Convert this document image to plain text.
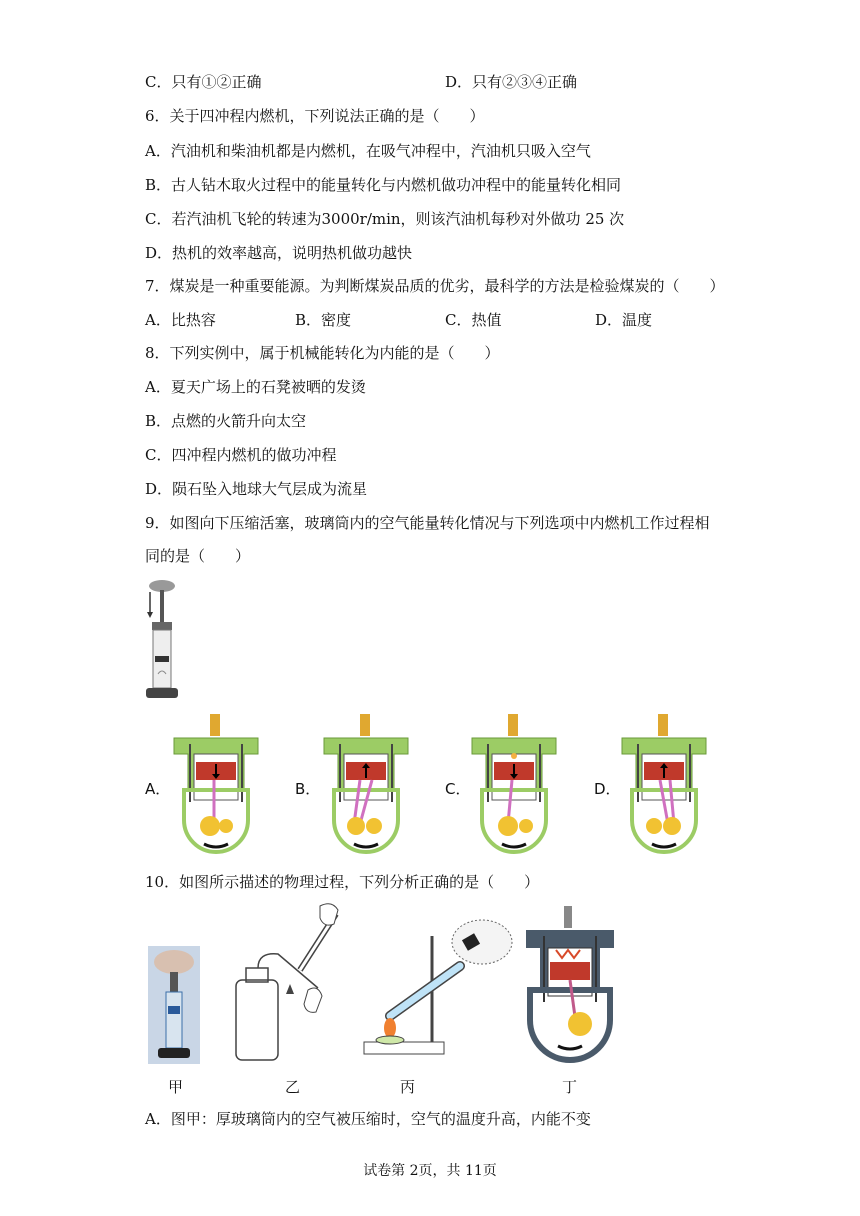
C．只有①②正确	D．只有②③④正确
6．关于四冲程内燃机，下列说法正确的是（　　）
A．汽油机和柴油机都是内燃机，在吸气冲程中，汽油机只吸入空气
B．古人钻木取火过程中的能量转化与内燃机做功冲程中的能量转化相同
C．若汽油机飞轮的转速为3000r/min，则该汽油机每秒对外做功 25 次
D．热机的效率越高，说明热机做功越快
7．煤炭是一种重要能源。为判断煤炭品质的优劣，最科学的方法是检验煤炭的（　　）
A．比热容	B．密度	C．热值	D．温度
8．下列实例中，属于机械能转化为内能的是（　　）
A．夏天广场上的石凳被晒的发烫
B．点燃的火箭升向太空
C．四冲程内燃机的做功冲程
D．陨石坠入地球大气层成为流星
9．如图向下压缩活塞，玻璃筒内的空气能量转化情况与下列选项中内燃机工作过程相
同的是（　　）
A．	B．	C．	D．
10．如图所示描述的物理过程，下列分析正确的是（　　）
甲	乙	丙	丁
A．图甲：厚玻璃筒内的空气被压缩时，空气的温度升高，内能不变
试卷第 2页，共 11页
